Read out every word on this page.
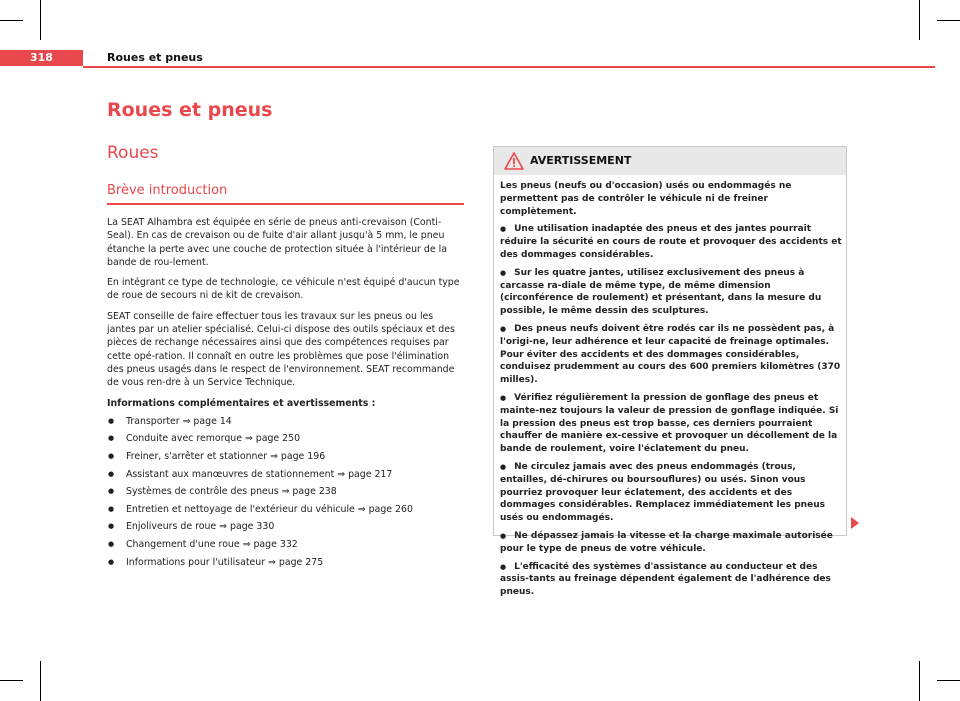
318	Roues et pneus
Roues et pneus
Roues
Brève introduction

La SEAT Alhambra est équipée en série de pneus anti-crevaison (Conti-Seal). En cas de crevaison ou de fuite d'air allant jusqu'à 5 mm, le pneu étanche la perte avec une couche de protection située à l'intérieur de la bande de rou-lement.

En intégrant ce type de technologie, ce véhicule n'est équipé d'aucun type de roue de secours ni de kit de crevaison.

SEAT conseille de faire effectuer tous les travaux sur les pneus ou les jantes par un atelier spécialisé. Celui-ci dispose des outils spéciaux et des pièces de rechange nécessaires ainsi que des compétences requises par cette opé-ration. Il connaît en outre les problèmes que pose l'élimination des pneus usagés dans le respect de l'environnement. SEAT recommande de vous ren-dre à un Service Technique.

Informations complémentaires et avertissements :

● Transporter ⇒ page 14
● Conduite avec remorque ⇒ page 250
● Freiner, s'arrêter et stationner ⇒ page 196
● Assistant aux manœuvres de stationnement ⇒ page 217
● Systèmes de contrôle des pneus ⇒ page 238
● Entretien et nettoyage de l'extérieur du véhicule ⇒ page 260
● Enjoliveurs de roue ⇒ page 330
● Changement d'une roue ⇒ page 332
● Informations pour l'utilisateur ⇒ page 275
AVERTISSEMENT

Les pneus (neufs ou d'occasion) usés ou endommagés ne permettent pas de contrôler le véhicule ni de freiner complètement.

● Une utilisation inadaptée des pneus et des jantes pourrait réduire la sécurité en cours de route et provoquer des accidents et des dommages considérables.
● Sur les quatre jantes, utilisez exclusivement des pneus à carcasse ra-diale de même type, de même dimension (circonférence de roulement) et présentant, dans la mesure du possible, le même dessin des sculptures.
● Des pneus neufs doivent être rodés car ils ne possèdent pas, à l'origi-ne, leur adhérence et leur capacité de freinage optimales. Pour éviter des accidents et des dommages considérables, conduisez prudemment au cours des 600 premiers kilomètres (370 milles).
● Vérifiez régulièrement la pression de gonflage des pneus et mainte-nez toujours la valeur de pression de gonflage indiquée. Si la pression des pneus est trop basse, ces derniers pourraient chauffer de manière ex-cessive et provoquer un décollement de la bande de roulement, voire l'éclatement du pneu.
● Ne circulez jamais avec des pneus endommagés (trous, entailles, dé-chirures ou boursouflures) ou usés. Sinon vous pourriez provoquer leur éclatement, des accidents et des dommages considérables. Remplacez immédiatement les pneus usés ou endommagés.
● Ne dépassez jamais la vitesse et la charge maximale autorisée pour le type de pneus de votre véhicule.
● L'efficacité des systèmes d'assistance au conducteur et des assis-tants au freinage dépendent également de l'adhérence des pneus.
